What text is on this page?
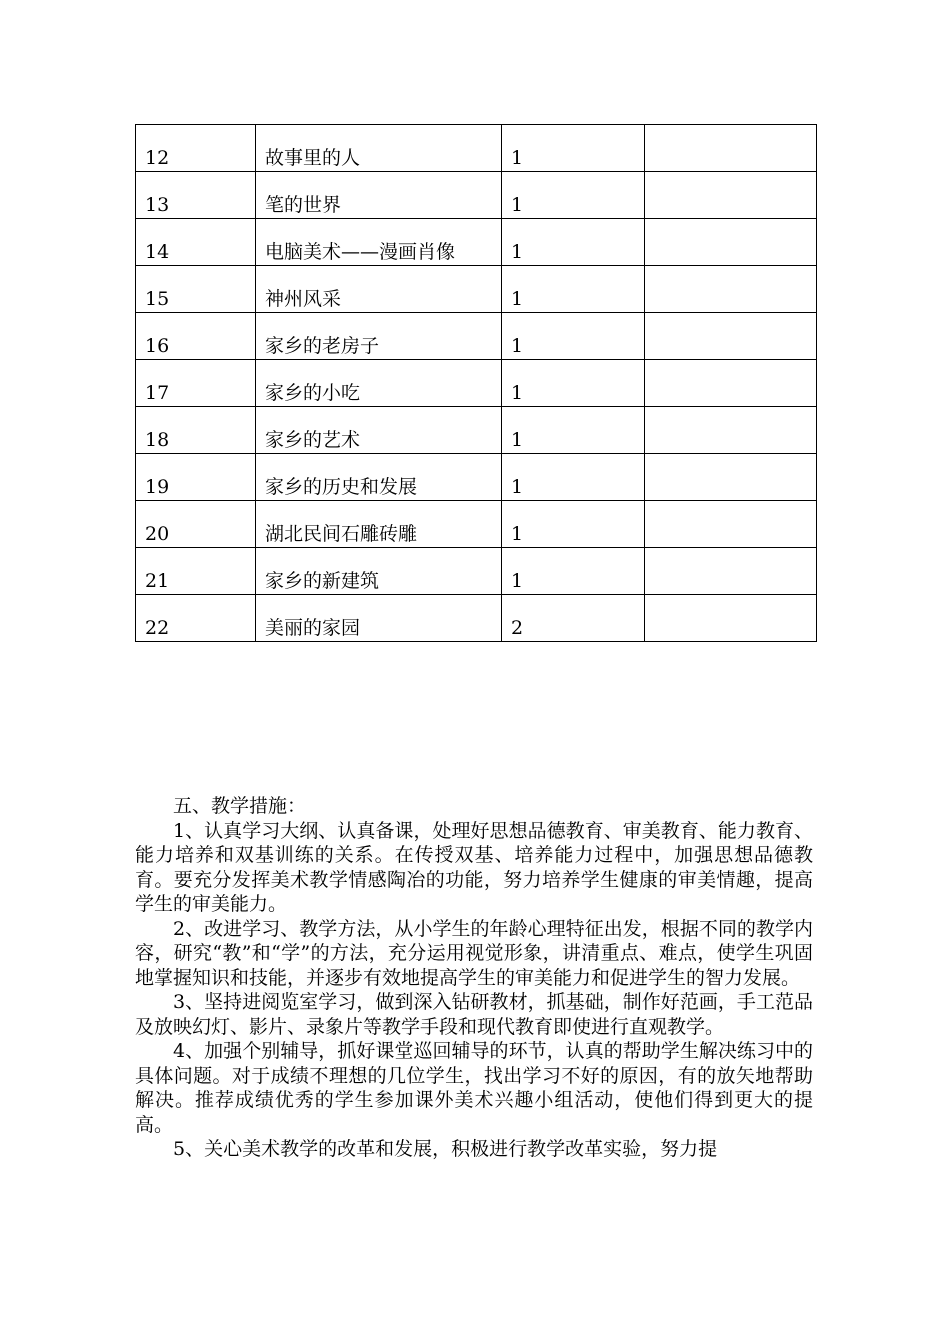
12	故事里的人	1	
13	笔的世界	1	
14	电脑美术——漫画肖像	1	
15	神州风采	1	
16	家乡的老房子	1	
17	家乡的小吃	1	
18	家乡的艺术	1	
19	家乡的历史和发展	1	
20	湖北民间石雕砖雕	1	
21	家乡的新建筑	1	
22	美丽的家园	2	

五、教学措施：

1、认真学习大纲、认真备课，处理好思想品德教育、审美教育、能力教育、能力培养和双基训练的关系。在传授双基、培养能力过程中，加强思想品德教育。要充分发挥美术教学情感陶冶的功能，努力培养学生健康的审美情趣，提高学生的审美能力。

2、改进学习、教学方法，从小学生的年龄心理特征出发，根据不同的教学内容，研究“教”和“学”的方法，充分运用视觉形象，讲清重点、难点，使学生巩固地掌握知识和技能，并逐步有效地提高学生的审美能力和促进学生的智力发展。

3、坚持进阅览室学习，做到深入钻研教材，抓基础，制作好范画，手工范品及放映幻灯、影片、录象片等教学手段和现代教育即使进行直观教学。

4、加强个别辅导，抓好课堂巡回辅导的环节，认真的帮助学生解决练习中的具体问题。对于成绩不理想的几位学生，找出学习不好的原因，有的放矢地帮助解决。推荐成绩优秀的学生参加课外美术兴趣小组活动，使他们得到更大的提高。

5、关心美术教学的改革和发展，积极进行教学改革实验，努力提
